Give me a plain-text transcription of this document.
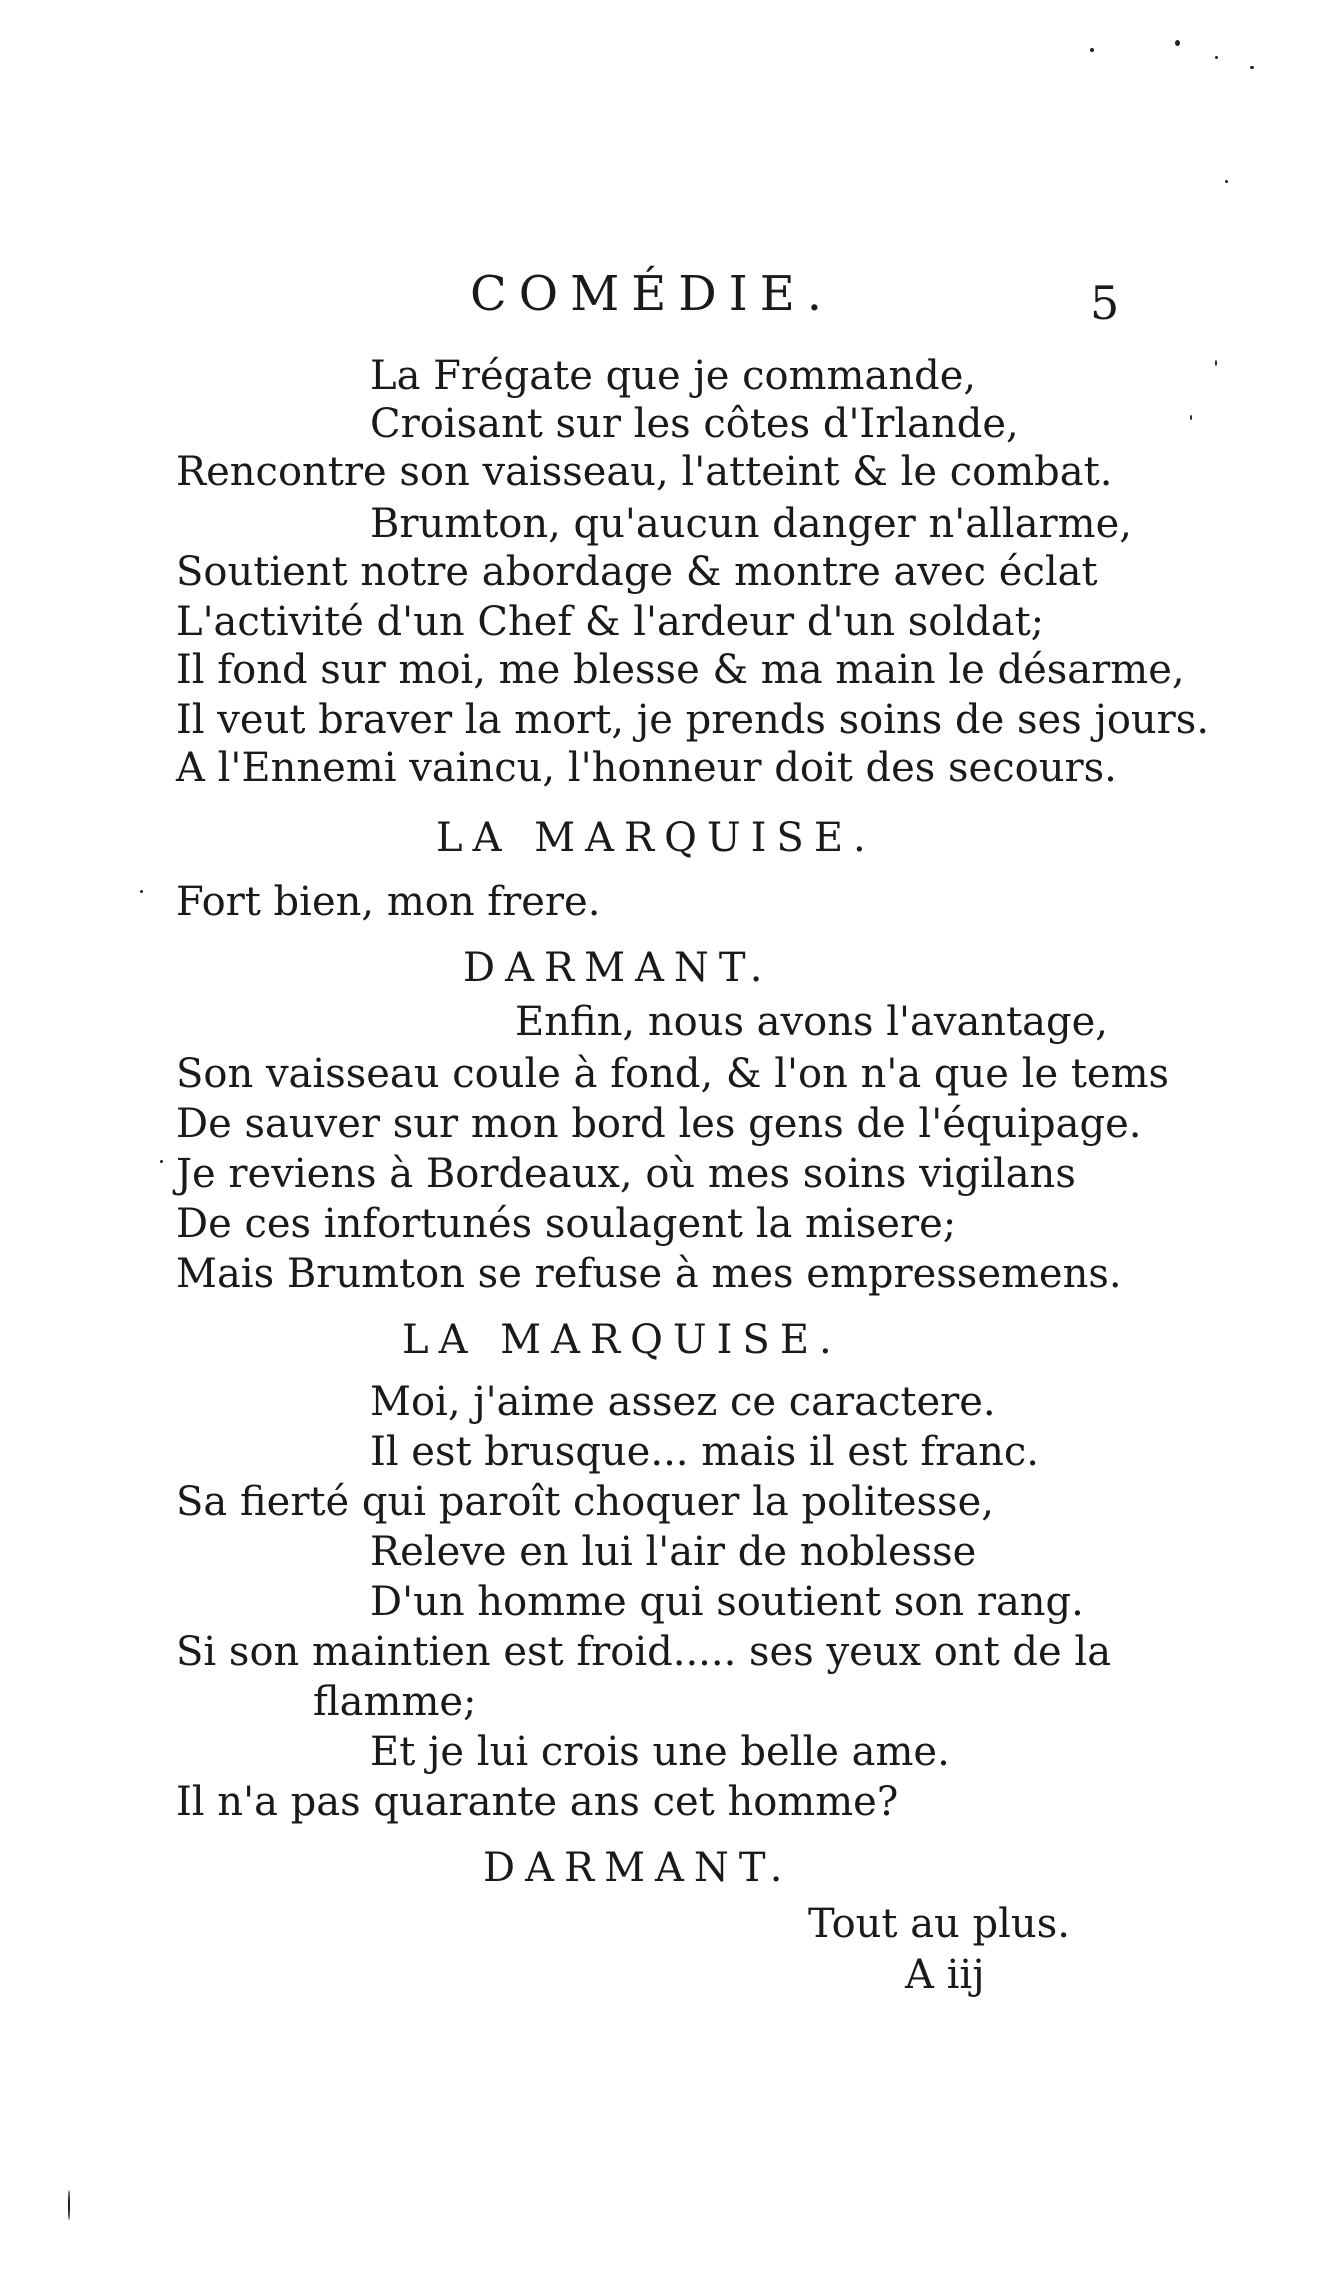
COMÉDIE.	5
La Frégate que je commande,
Croisant sur les côtes d'Irlande,
Rencontre son vaisseau, l'atteint & le combat.
Brumton, qu'aucun danger n'allarme,
Soutient notre abordage & montre avec éclat
L'activité d'un Chef & l'ardeur d'un soldat;
Il fond sur moi, me blesse & ma main le désarme,
Il veut braver la mort, je prends soins de ses jours.
A l'Ennemi vaincu, l'honneur doit des secours.
LA MARQUISE.
Fort bien, mon frere.
DARMANT.
Enfin, nous avons l'avantage,
Son vaisseau coule à fond, & l'on n'a que le tems
De sauver sur mon bord les gens de l'équipage.
Je reviens à Bordeaux, où mes soins vigilans
De ces infortunés soulagent la misere;
Mais Brumton se refuse à mes empressemens.
LA MARQUISE.
Moi, j'aime assez ce caractere.
Il est brusque... mais il est franc.
Sa fierté qui paroît choquer la politesse,
Releve en lui l'air de noblesse
D'un homme qui soutient son rang.
Si son maintien est froid..... ses yeux ont de la
flamme;
Et je lui crois une belle ame.
Il n'a pas quarante ans cet homme?
DARMANT.
Tout au plus.
A iij
